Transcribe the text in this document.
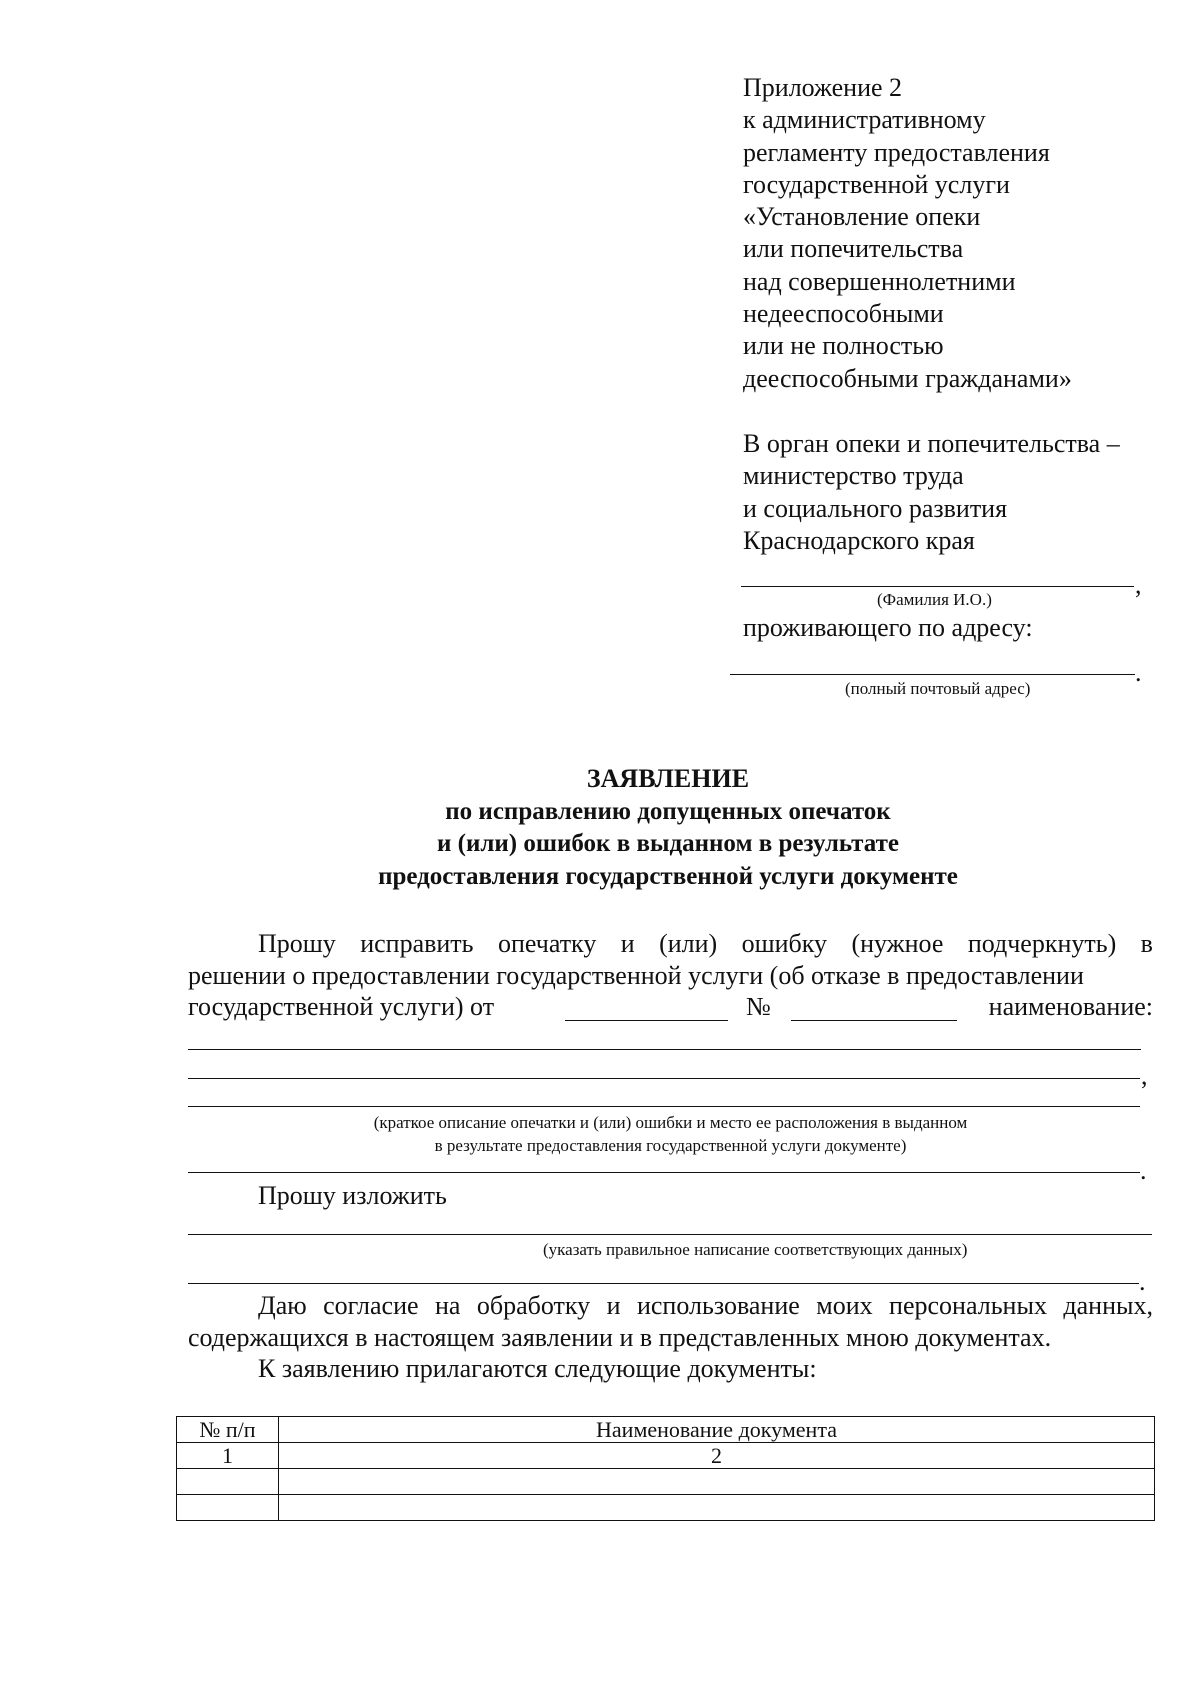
Приложение 2
к административному
регламенту предоставления
государственной услуги
«Установление опеки
или попечительства
над совершеннолетними
недееспособными
или не полностью
дееспособными гражданами»
В орган опеки и попечительства –
министерство труда
и социального развития
Краснодарского края
,
(Фамилия И.О.)
проживающего по адресу:
.
(полный почтовый адрес)
ЗАЯВЛЕНИЕ
по исправлению допущенных опечаток
и (или) ошибок в выданном в результате
предоставления государственной услуги документе
Прошу исправить опечатку и (или) ошибку (нужное подчеркнуть) в
решении о предоставлении государственной услуги (об отказе в предоставлении
государственной услуги) от	№	наименование:
,
(краткое описание опечатки и (или) ошибки и место ее расположения в выданном
в результате предоставления государственной услуги документе)
.
Прошу изложить
(указать правильное написание соответствующих данных)
.
Даю согласие на обработку и использование моих персональных данных,
содержащихся в настоящем заявлении и в представленных мною документах.
К заявлению прилагаются следующие документы:
№ п/п	Наименование документа
1	2
